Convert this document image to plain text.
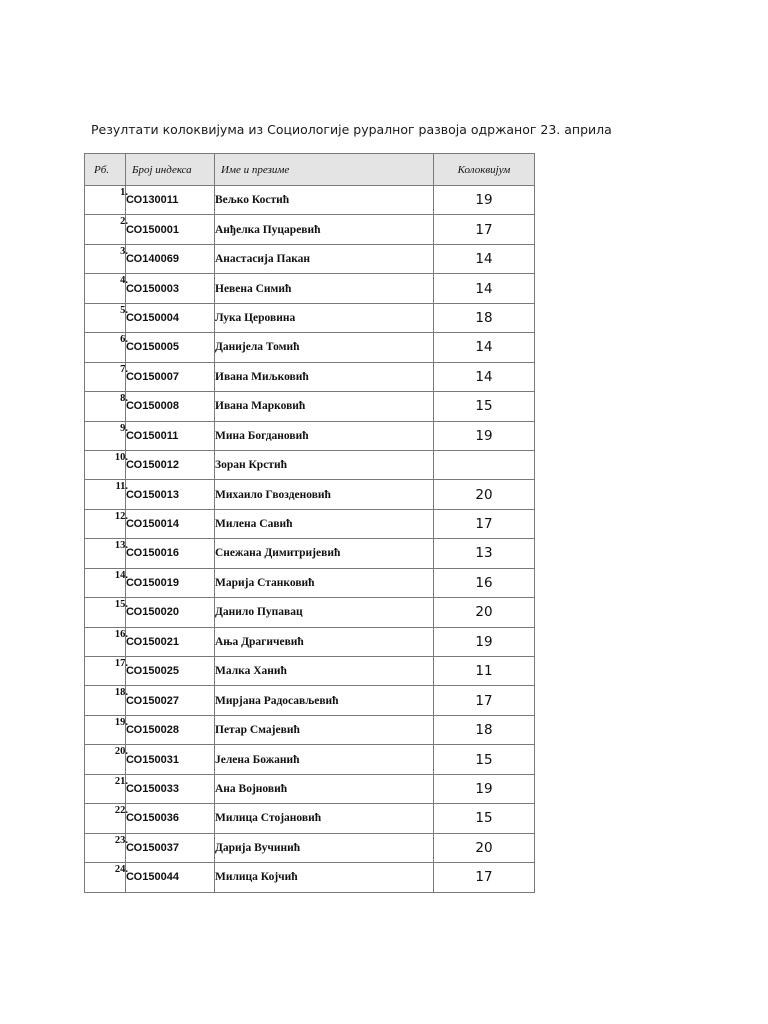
Резултати колоквијума из Социологије руралног развоја одржаног 23. априла
Рб.	Број индекса	Име и презиме	Колоквијум

1.	СО130011	Вељко Костић	19

2.	СО150001	Анђелка Пуцаревић	17

3.	СО140069	Анастасија Пакан	14

4.	СО150003	Невена Симић	14

5.	СО150004	Лука Церовина	18

6.	СО150005	Данијела Томић	14

7.	СО150007	Ивана Миљковић	14

8.	СО150008	Ивана Марковић	15

9.	СО150011	Мина Богдановић	19

10.	СО150012	Зоран Крстић	

11.	СО150013	Михаило Гвозденовић	20

12.	СО150014	Милена Савић	17

13.	СО150016	Снежана Димитријевић	13

14.	СО150019	Марија Станковић	16

15.	СО150020	Данило Пупавац	20

16.	СО150021	Ања Драгичевић	19

17.	СО150025	Малка Ханић	11

18.	СО150027	Мирјана Радосављевић	17

19.	СО150028	Петар Смајевић	18

20.	СО150031	Јелена Божанић	15

21.	СО150033	Ана Војновић	19

22.	СО150036	Милица Стојановић	15

23.	СО150037	Дарија Вучинић	20

24.	СО150044	Милица Којчић	17
